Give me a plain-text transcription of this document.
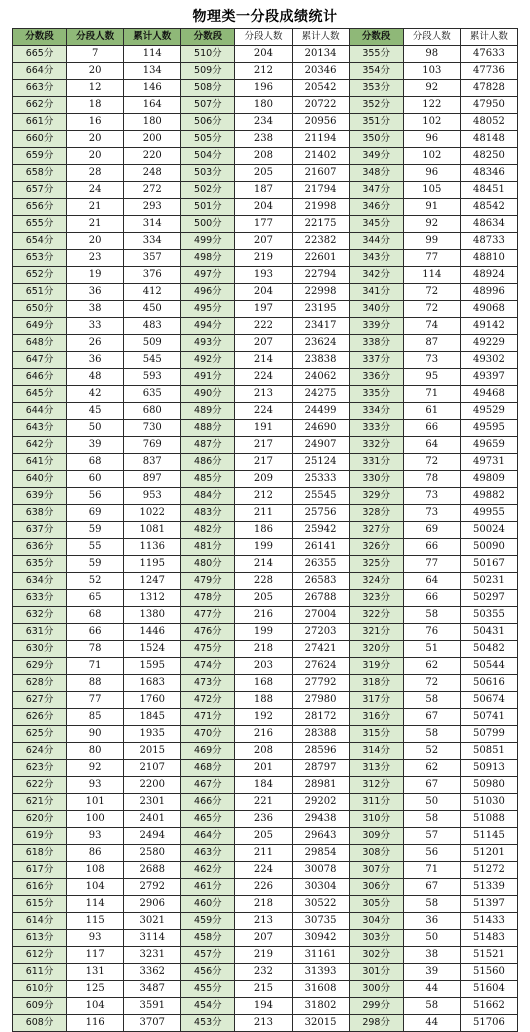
物理类一分段成绩统计
分数段	分段人数	累计人数	分数段	分段人数	累计人数	分数段	分段人数	累计人数
665分	7	114	510分	204	20134	355分	98	47633
664分	20	134	509分	212	20346	354分	103	47736
663分	12	146	508分	196	20542	353分	92	47828
662分	18	164	507分	180	20722	352分	122	47950
661分	16	180	506分	234	20956	351分	102	48052
660分	20	200	505分	238	21194	350分	96	48148
659分	20	220	504分	208	21402	349分	102	48250
658分	28	248	503分	205	21607	348分	96	48346
657分	24	272	502分	187	21794	347分	105	48451
656分	21	293	501分	204	21998	346分	91	48542
655分	21	314	500分	177	22175	345分	92	48634
654分	20	334	499分	207	22382	344分	99	48733
653分	23	357	498分	219	22601	343分	77	48810
652分	19	376	497分	193	22794	342分	114	48924
651分	36	412	496分	204	22998	341分	72	48996
650分	38	450	495分	197	23195	340分	72	49068
649分	33	483	494分	222	23417	339分	74	49142
648分	26	509	493分	207	23624	338分	87	49229
647分	36	545	492分	214	23838	337分	73	49302
646分	48	593	491分	224	24062	336分	95	49397
645分	42	635	490分	213	24275	335分	71	49468
644分	45	680	489分	224	24499	334分	61	49529
643分	50	730	488分	191	24690	333分	66	49595
642分	39	769	487分	217	24907	332分	64	49659
641分	68	837	486分	217	25124	331分	72	49731
640分	60	897	485分	209	25333	330分	78	49809
639分	56	953	484分	212	25545	329分	73	49882
638分	69	1022	483分	211	25756	328分	73	49955
637分	59	1081	482分	186	25942	327分	69	50024
636分	55	1136	481分	199	26141	326分	66	50090
635分	59	1195	480分	214	26355	325分	77	50167
634分	52	1247	479分	228	26583	324分	64	50231
633分	65	1312	478分	205	26788	323分	66	50297
632分	68	1380	477分	216	27004	322分	58	50355
631分	66	1446	476分	199	27203	321分	76	50431
630分	78	1524	475分	218	27421	320分	51	50482
629分	71	1595	474分	203	27624	319分	62	50544
628分	88	1683	473分	168	27792	318分	72	50616
627分	77	1760	472分	188	27980	317分	58	50674
626分	85	1845	471分	192	28172	316分	67	50741
625分	90	1935	470分	216	28388	315分	58	50799
624分	80	2015	469分	208	28596	314分	52	50851
623分	92	2107	468分	201	28797	313分	62	50913
622分	93	2200	467分	184	28981	312分	67	50980
621分	101	2301	466分	221	29202	311分	50	51030
620分	100	2401	465分	236	29438	310分	58	51088
619分	93	2494	464分	205	29643	309分	57	51145
618分	86	2580	463分	211	29854	308分	56	51201
617分	108	2688	462分	224	30078	307分	71	51272
616分	104	2792	461分	226	30304	306分	67	51339
615分	114	2906	460分	218	30522	305分	58	51397
614分	115	3021	459分	213	30735	304分	36	51433
613分	93	3114	458分	207	30942	303分	50	51483
612分	117	3231	457分	219	31161	302分	38	51521
611分	131	3362	456分	232	31393	301分	39	51560
610分	125	3487	455分	215	31608	300分	44	51604
609分	104	3591	454分	194	31802	299分	58	51662
608分	116	3707	453分	213	32015	298分	44	51706
